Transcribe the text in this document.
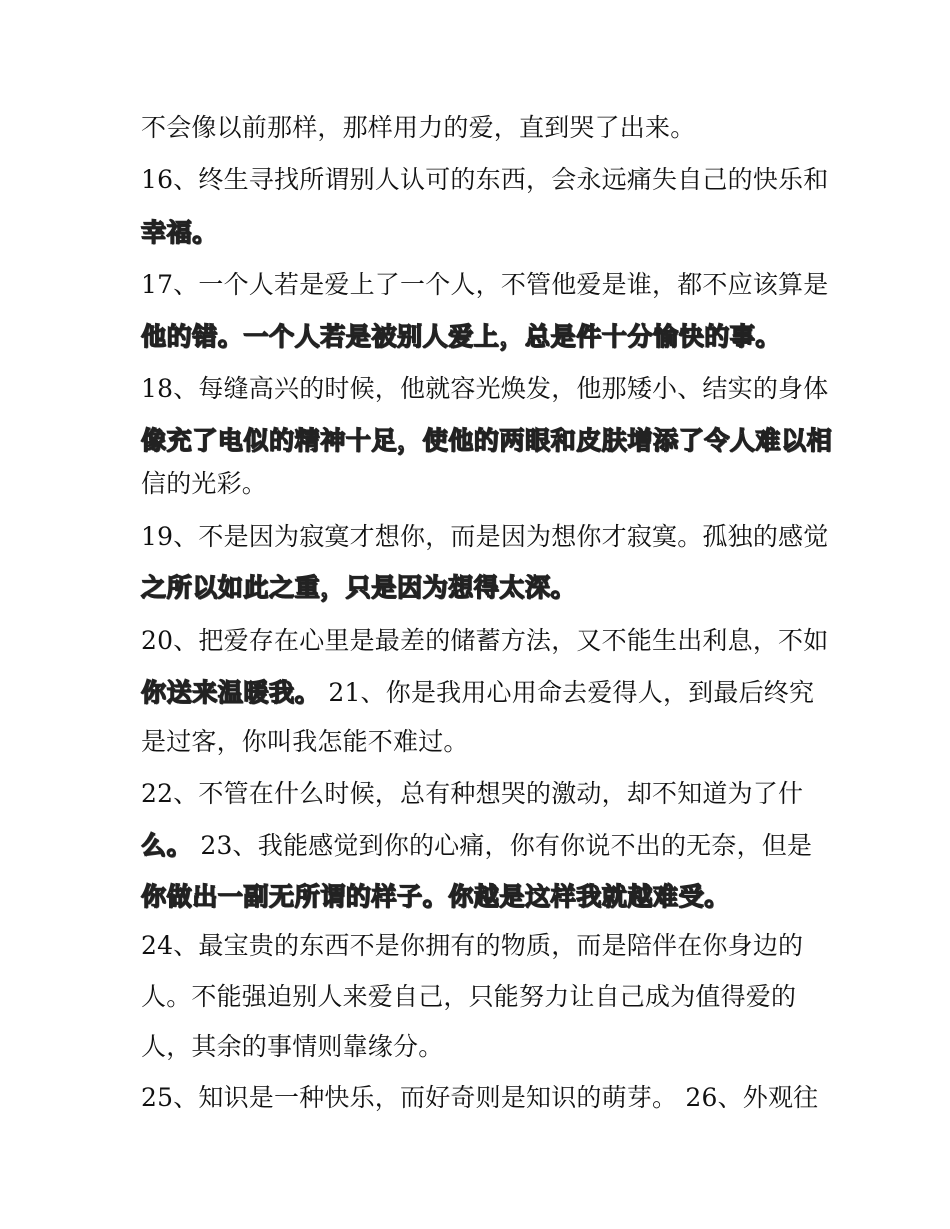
不会像以前那样，那样用力的爱，直到哭了出来。
16、终生寻找所谓别人认可的东西，会永远痛失自己的快乐和
幸福。
17、一个人若是爱上了一个人，不管他爱是谁，都不应该算是
他的错。一个人若是被别人爱上，总是件十分愉快的事。
18、每缝高兴的时候，他就容光焕发，他那矮小、结实的身体
像充了电似的精神十足，使他的两眼和皮肤增添了令人难以相
信的光彩。
19、不是因为寂寞才想你，而是因为想你才寂寞。孤独的感觉
之所以如此之重，只是因为想得太深。
20、把爱存在心里是最差的储蓄方法，又不能生出利息，不如
你送来温暖我。 21、你是我用心用命去爱得人，到最后终究
是过客，你叫我怎能不难过。
22、不管在什么时候，总有种想哭的激动，却不知道为了什
么。 23、我能感觉到你的心痛，你有你说不出的无奈，但是
你做出一副无所谓的样子。你越是这样我就越难受。
24、最宝贵的东西不是你拥有的物质，而是陪伴在你身边的
人。不能强迫别人来爱自己，只能努力让自己成为值得爱的
人，其余的事情则靠缘分。
25、知识是一种快乐，而好奇则是知识的萌芽。 26、外观往
